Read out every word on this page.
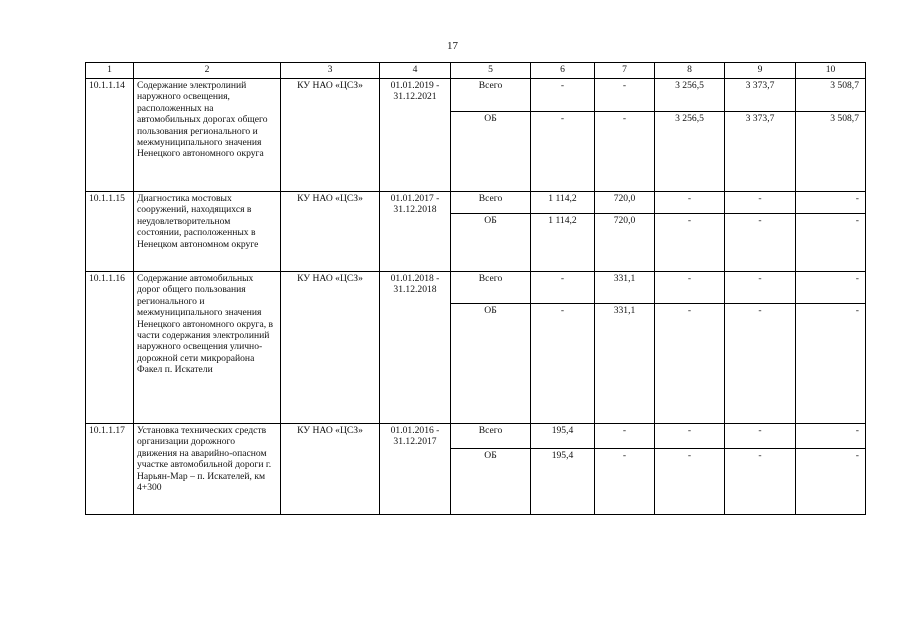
17
1	2	3	4	5	6	7	8	9	10
10.1.1.14	Содержание электролиний наружного освещения, расположенных на автомобильных дорогах общего пользования регионального и межмуниципального значения Ненецкого автономного округа	КУ НАО «ЦСЗ»	01.01.2019 - 31.12.2021	Всего	-	-	3 256,5	3 373,7	3 508,7
				ОБ	-	-	3 256,5	3 373,7	3 508,7
10.1.1.15	Диагностика мостовых сооружений, находящихся в неудовлетворительном состоянии, расположенных в Ненецком автономном округе	КУ НАО «ЦСЗ»	01.01.2017 - 31.12.2018	Всего	1 114,2	720,0	-	-	-
				ОБ	1 114,2	720,0	-	-	-
10.1.1.16	Содержание автомобильных дорог общего пользования регионального и межмуниципального значения Ненецкого автономного округа, в части содержания электролиний наружного освещения улично-дорожной сети микрорайона Факел п. Искатели	КУ НАО «ЦСЗ»	01.01.2018 - 31.12.2018	Всего	-	331,1	-	-	-
				ОБ	-	331,1	-	-	-
10.1.1.17	Установка технических средств организации дорожного движения на аварийно-опасном участке автомобильной дороги г. Нарьян-Мар – п. Искателей, км 4+300	КУ НАО «ЦСЗ»	01.01.2016 - 31.12.2017	Всего	195,4	-	-	-	-
				ОБ	195,4	-	-	-	-
